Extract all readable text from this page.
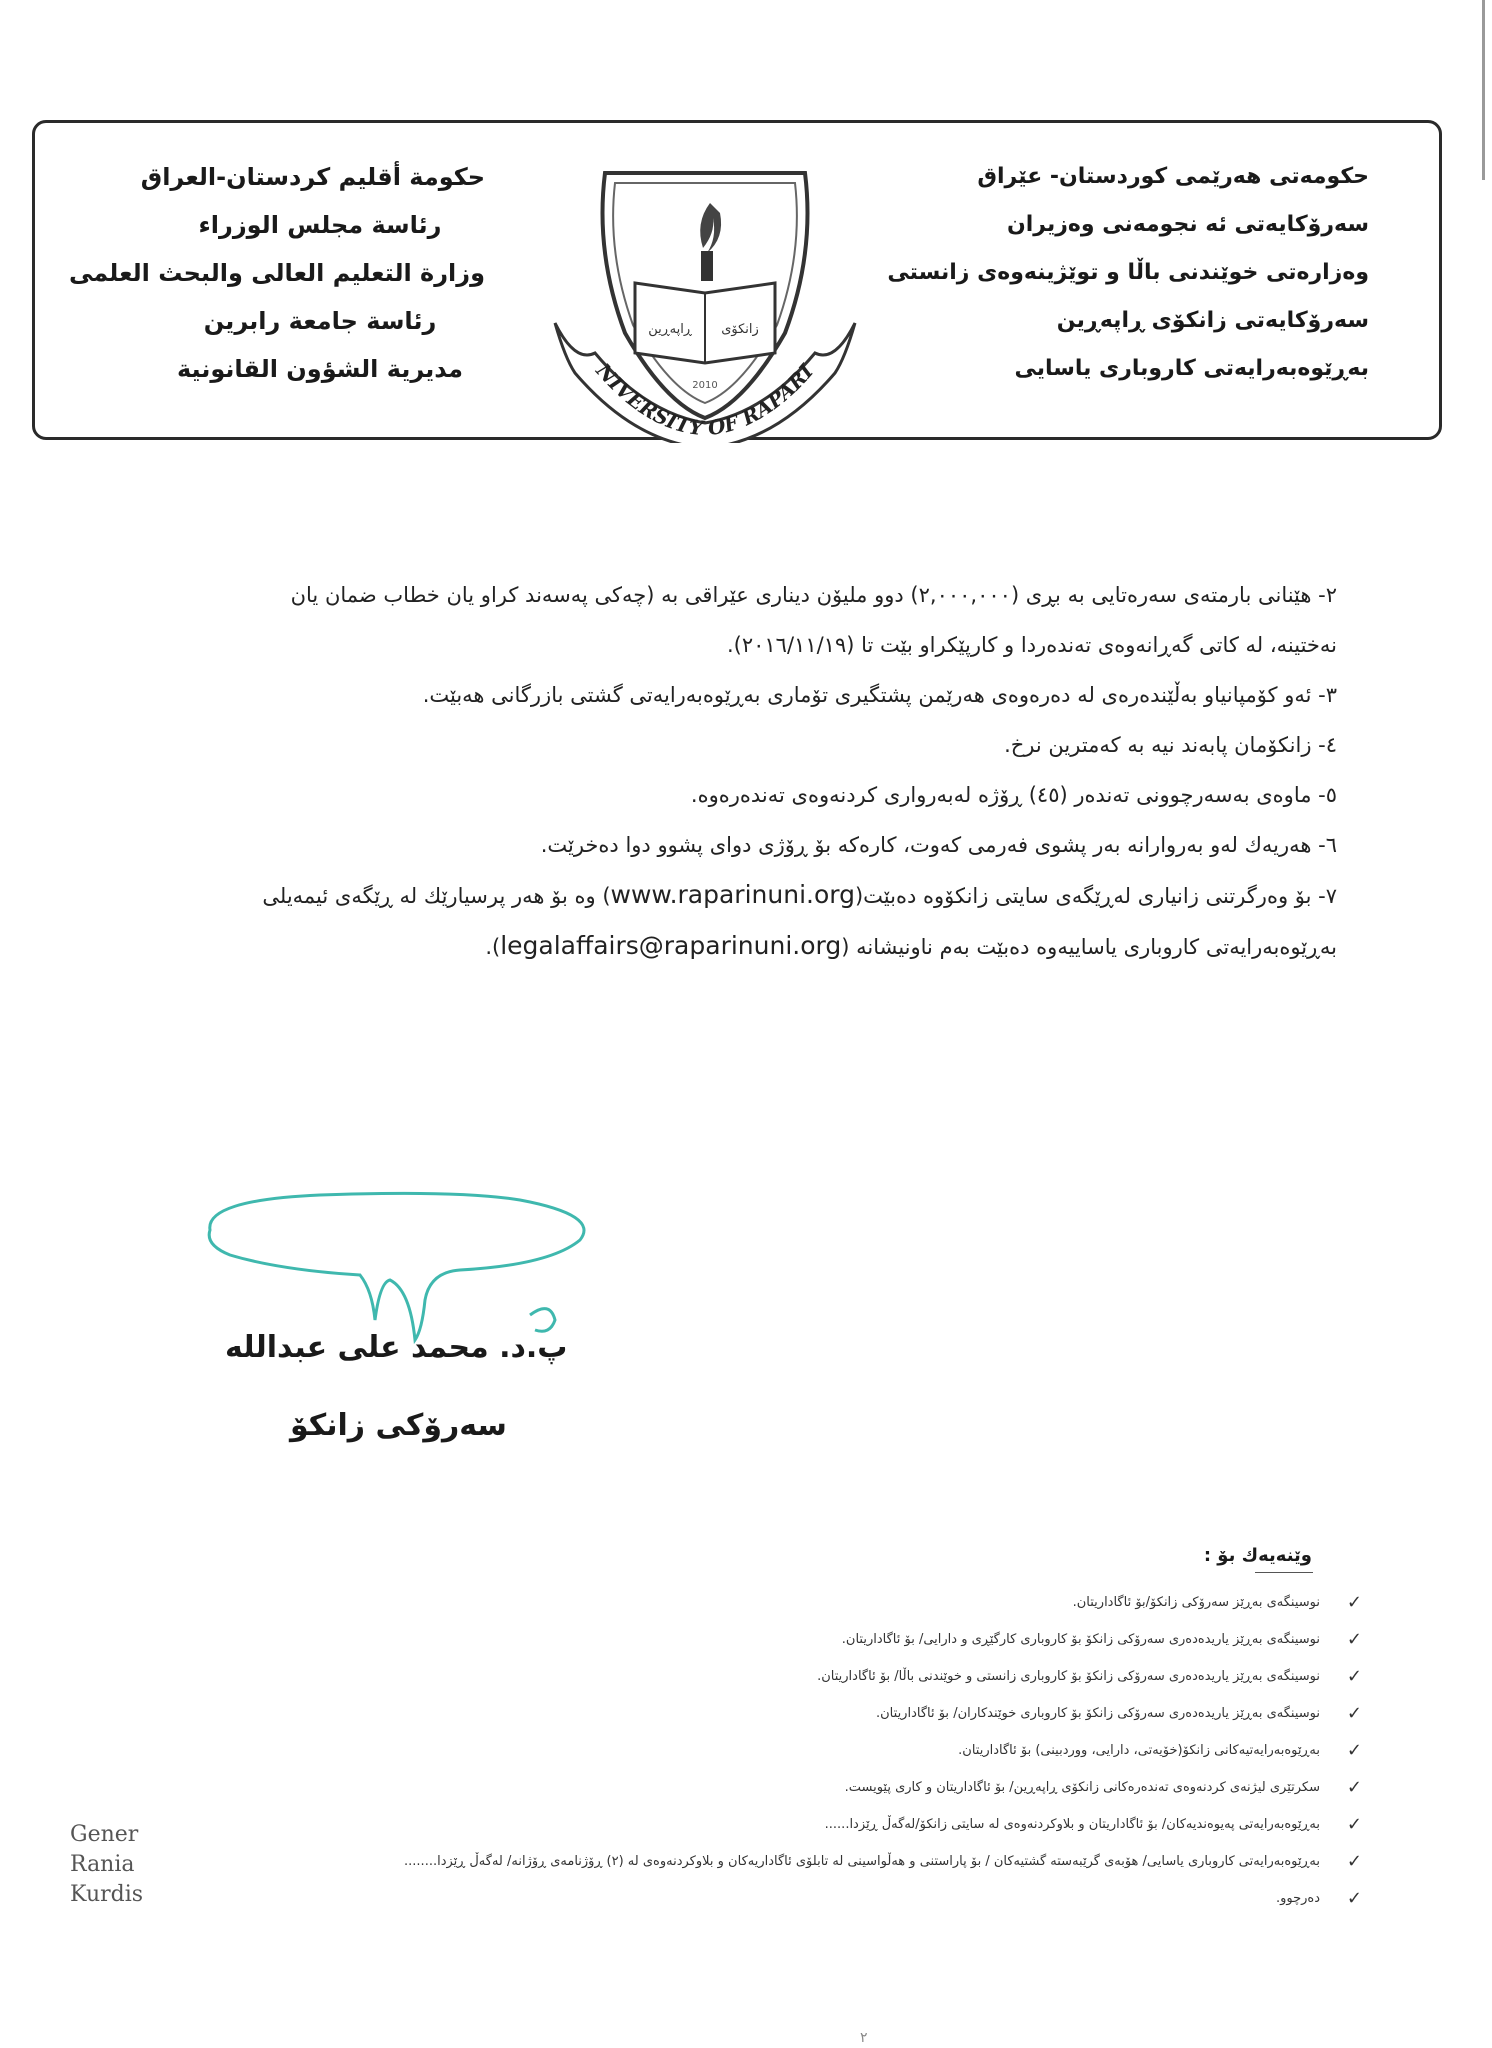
حکومەتی هەرێمی کوردستان- عێراق
سەرۆکایەتی ئه نجومەنی وەزیران
وەزارەتی خوێندنی باڵا و توێژینەوەی زانستی
سەرۆکایەتی زانکۆی ڕاپەڕین
بەڕێوەبەرایەتی کاروباری یاسایی
زانكۆی
ڕاپەڕین
2010
NIVERSITY OF RAPARI
حكومة أقليم كردستان-العراق
رئاسة مجلس الوزراء
وزارة التعليم العالى والبحث العلمى
رئاسة جامعة رابرين
مديرية الشؤون القانونية
٢- هێنانی بارمتەی سەرەتایی بە بڕی (٢,٠٠٠,٠٠٠) دوو ملیۆن دیناری عێراقی بە (چەکی پەسەند کراو یان خطاب ضمان یان
نەختینە، لە کاتی گەڕانەوەی تەندەردا و کارپێکراو بێت تا (٢٠١٦/١١/١٩).
٣- ئەو کۆمپانیاو بەڵێندەرەی لە دەرەوەی هەرێمن پشتگیری تۆماری بەڕێوەبەرایەتی گشتی بازرگانی هەبێت.
٤- زانکۆمان پابەند نیە بە کەمترین نرخ.
٥- ماوەی بەسەرچوونی تەندەر (٤٥) ڕۆژە لەبەرواری کردنەوەی تەندەرەوە.
٦- هەریەك لەو بەروارانە بەر پشوی فەرمی کەوت، کارەکە بۆ ڕۆژی دوای پشوو دوا دەخرێت.
٧- بۆ وەرگرتنی زانیاری لەڕێگەی سایتی زانکۆوە دەبێت(www.raparinuni.org) وە بۆ هەر پرسیارێك لە ڕێگەی ئیمەیلی
بەڕێوەبەرایەتی کاروباری یاساییەوە دەبێت بەم ناونیشانە (legalaffairs@raparinuni.org).
پ.د. محمد علی عبدالله
سەرۆکی زانکۆ
وێنەیەك بۆ :
✓
نوسینگەی بەڕێز سەرۆکی زانکۆ/بۆ ئاگاداریتان.
✓
نوسینگەی بەڕێز یاریدەدەری سەرۆکی زانکۆ بۆ کاروباری کارگێڕی و دارایی/ بۆ ئاگاداریتان.
✓
نوسینگەی بەڕێز یاریدەدەری سەرۆکی زانکۆ بۆ کاروباری زانستی و خوێندنی باڵا/ بۆ ئاگاداریتان.
✓
نوسینگەی بەڕێز یاریدەدەری سەرۆکی زانکۆ بۆ کاروباری خوێندکاران/ بۆ ئاگاداریتان.
✓
بەڕێوەبەرایەتیەکانی زانکۆ(خۆیەتی، دارایی، ووردبینی) بۆ ئاگاداریتان.
✓
سکرتێری لیژنەی کردنەوەی تەندەرەکانی زانکۆی ڕاپەڕین/ بۆ ئاگاداریتان و کاری پێویست.
✓
بەڕێوەبەرایەتی پەیوەندیەکان/ بۆ ئاگاداریتان و بلاوکردنەوەی لە سایتی زانکۆ/لەگەڵ ڕێزدا......
✓
بەڕێوەبەرایەتی کاروباری یاسایی/ هۆبەی گرێبەستە گشتیەکان / بۆ پاراستنی و هەڵواسینی لە تابلۆی ئاگاداریەکان و بلاوکردنەوەی لە (٢) ڕۆژنامەی ڕۆژانە/ لەگەڵ ڕێزدا........
✓
دەرچوو.
Gener
Rania
Kurdis
٢
